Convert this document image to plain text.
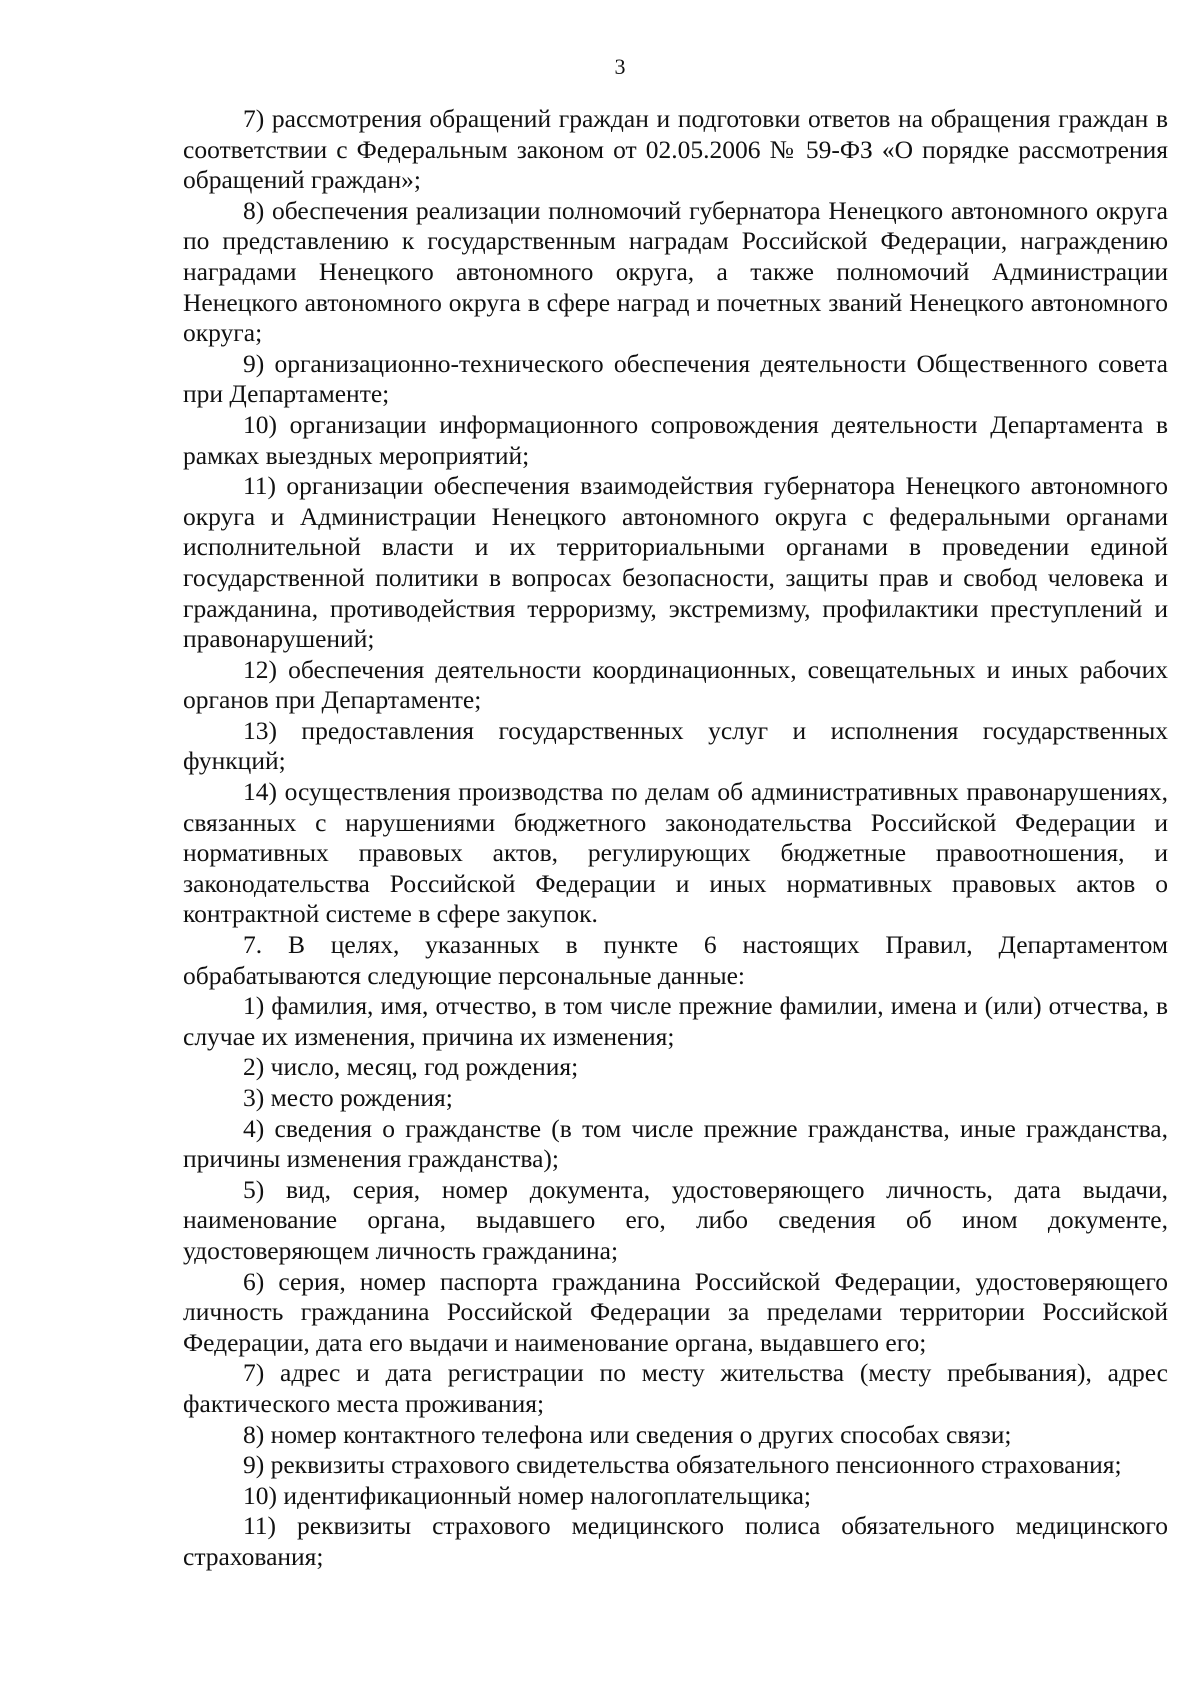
3

7) рассмотрения обращений граждан и подготовки ответов на обращения граждан в соответствии с Федеральным законом от 02.05.2006 № 59-ФЗ «О порядке рассмотрения обращений граждан»;

8) обеспечения реализации полномочий губернатора Ненецкого автономного округа по представлению к государственным наградам Российской Федерации, награждению наградами Ненецкого автономного округа, а также полномочий Администрации Ненецкого автономного округа в сфере наград и почетных званий Ненецкого автономного округа;

9) организационно-технического обеспечения деятельности Общественного совета при Департаменте;

10) организации информационного сопровождения деятельности Департамента в рамках выездных мероприятий;

11) организации обеспечения взаимодействия губернатора Ненецкого автономного округа и Администрации Ненецкого автономного округа с федеральными органами исполнительной власти и их территориальными органами в проведении единой государственной политики в вопросах безопасности, защиты прав и свобод человека и гражданина, противодействия терроризму, экстремизму, профилактики преступлений и правонарушений;

12) обеспечения деятельности координационных, совещательных и иных рабочих органов при Департаменте;

13) предоставления государственных услуг и исполнения государственных функций;

14) осуществления производства по делам об административных правонарушениях, связанных с нарушениями бюджетного законодательства Российской Федерации и нормативных правовых актов, регулирующих бюджетные правоотношения, и законодательства Российской Федерации и иных нормативных правовых актов о контрактной системе в сфере закупок.

7. В целях, указанных в пункте 6 настоящих Правил, Департаментом обрабатываются следующие персональные данные:

1) фамилия, имя, отчество, в том числе прежние фамилии, имена и (или) отчества, в случае их изменения, причина их изменения;

2) число, месяц, год рождения;

3) место рождения;

4) сведения о гражданстве (в том числе прежние гражданства, иные гражданства, причины изменения гражданства);

5) вид, серия, номер документа, удостоверяющего личность, дата выдачи, наименование органа, выдавшего его, либо сведения об ином документе, удостоверяющем личность гражданина;

6) серия, номер паспорта гражданина Российской Федерации, удостоверяющего личность гражданина Российской Федерации за пределами территории Российской Федерации, дата его выдачи и наименование органа, выдавшего его;

7) адрес и дата регистрации по месту жительства (месту пребывания), адрес фактического места проживания;

8) номер контактного телефона или сведения о других способах связи;

9) реквизиты страхового свидетельства обязательного пенсионного страхования;

10) идентификационный номер налогоплательщика;

11) реквизиты страхового медицинского полиса обязательного медицинского страхования;
